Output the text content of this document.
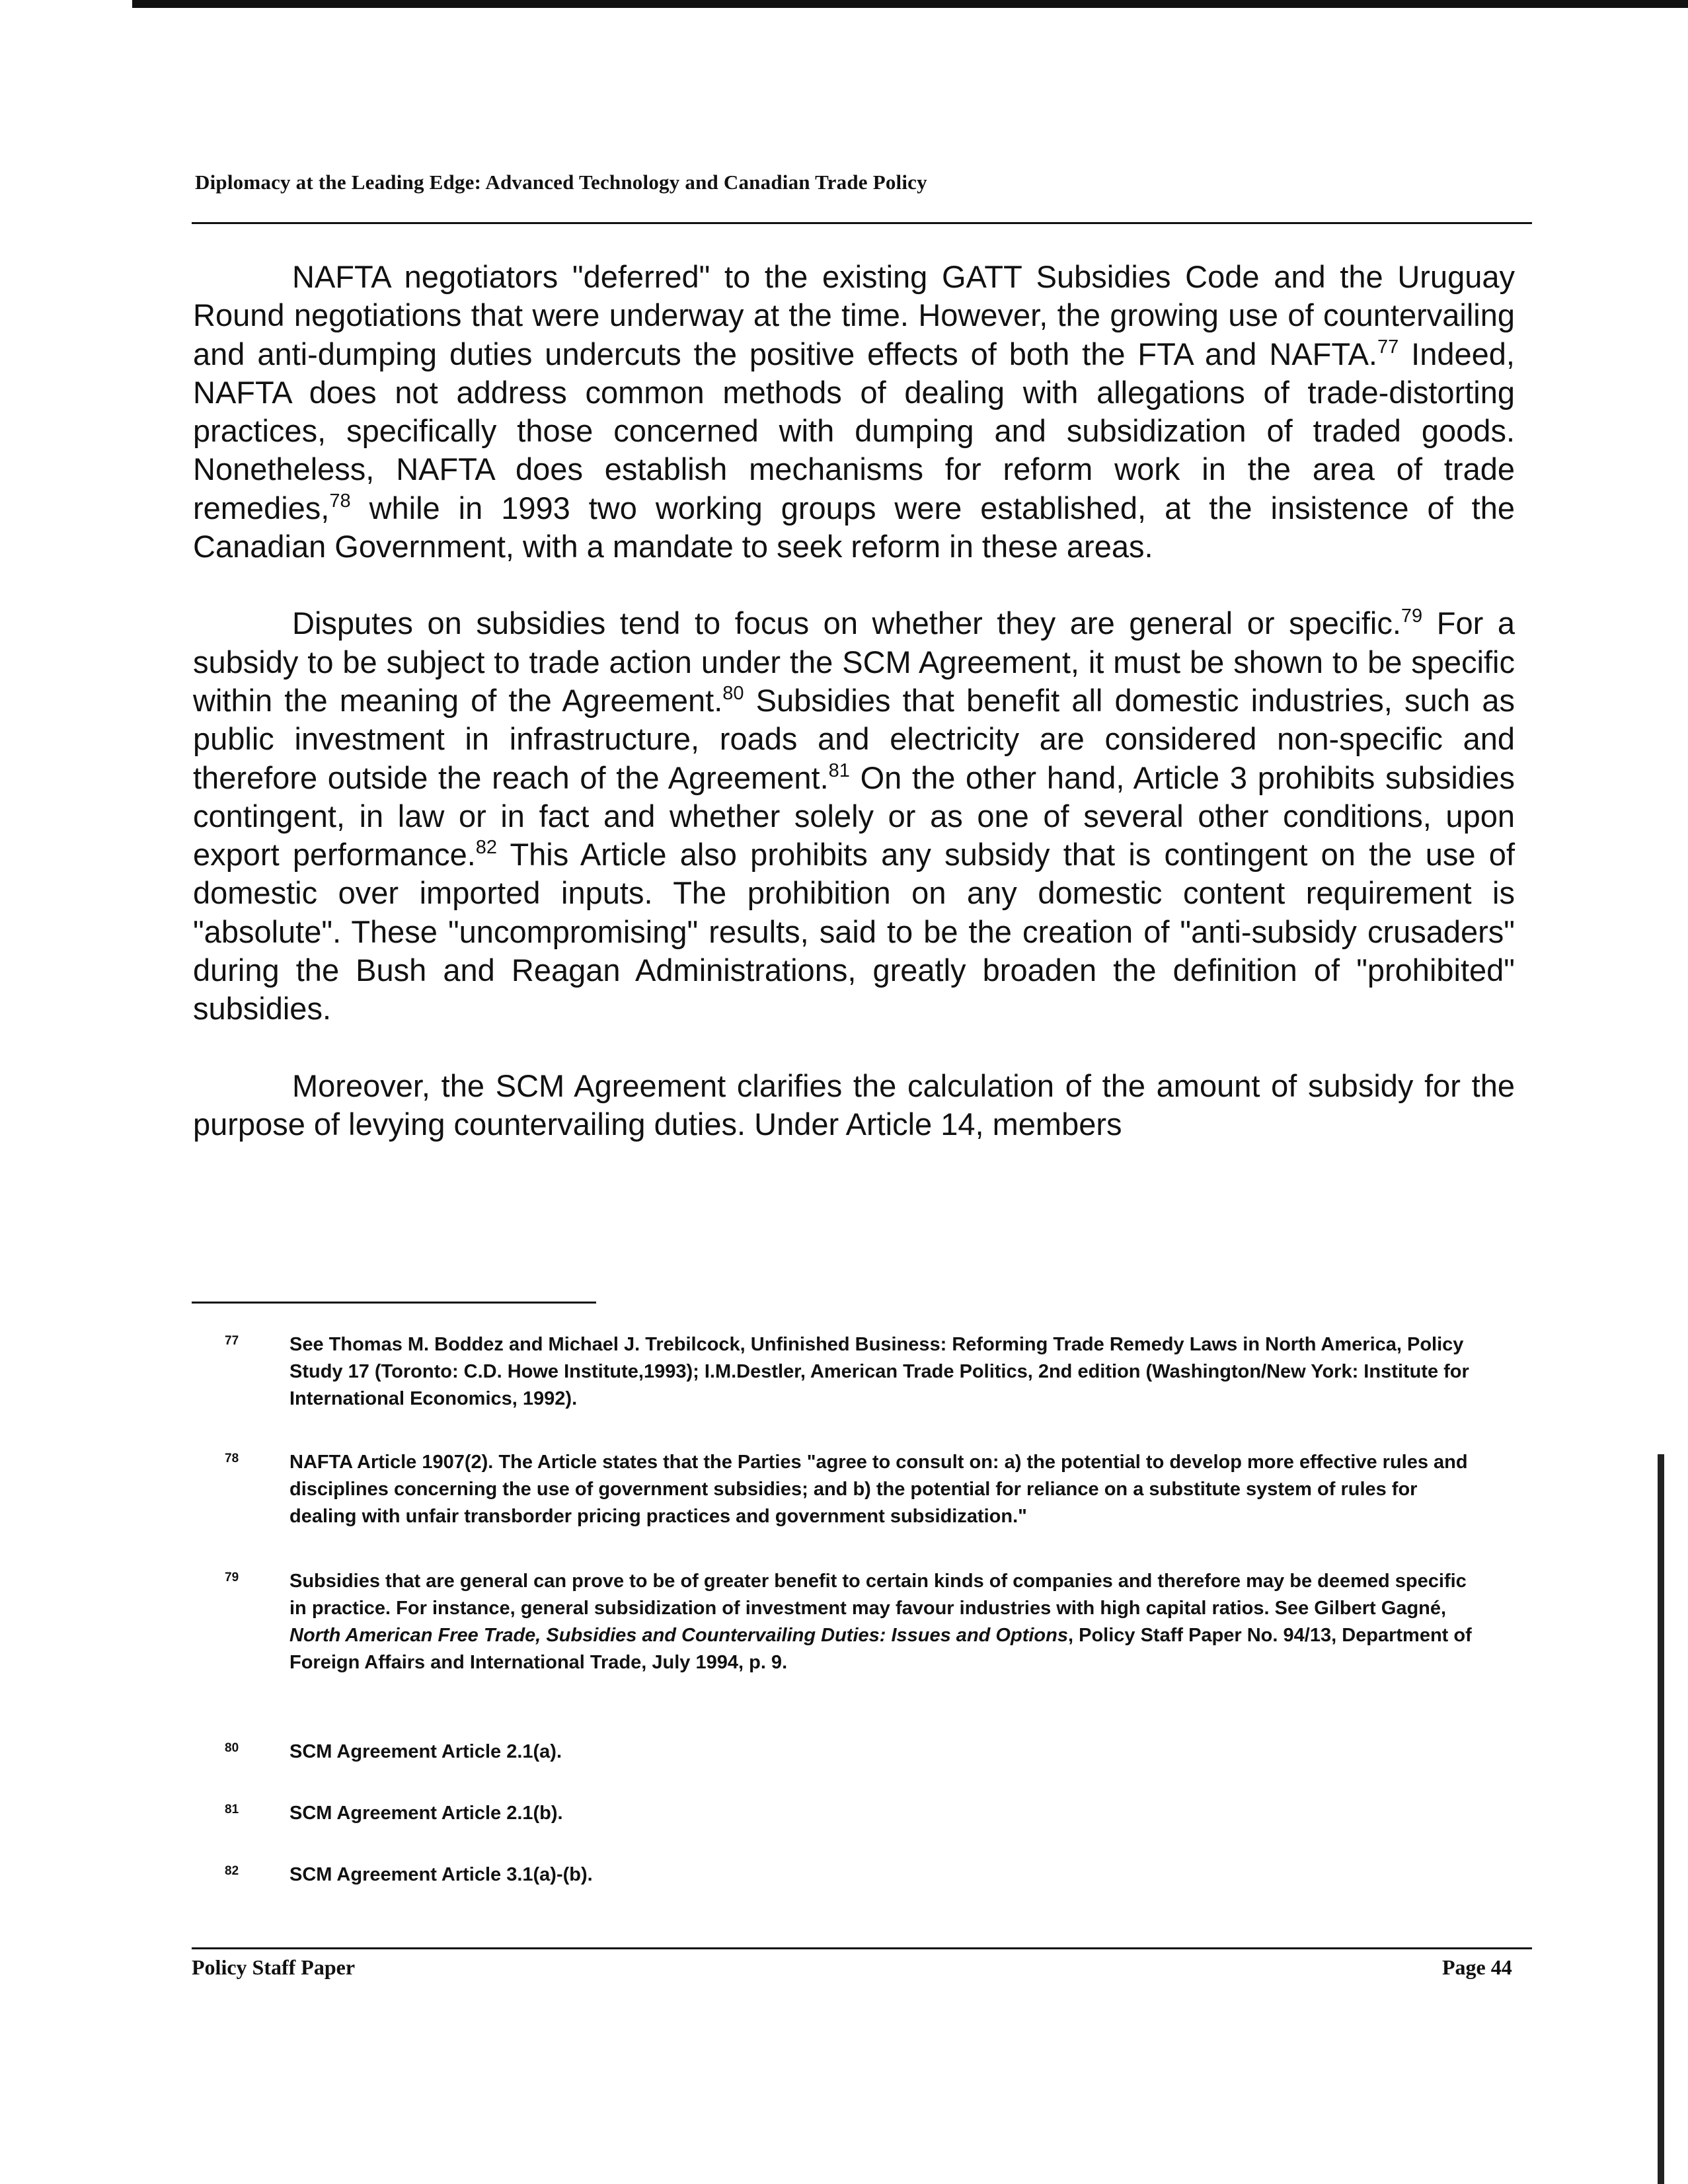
Diplomacy at the Leading Edge: Advanced Technology and Canadian Trade Policy

NAFTA negotiators "deferred" to the existing GATT Subsidies Code and the Uruguay Round negotiations that were underway at the time. However, the growing use of countervailing and anti-dumping duties undercuts the positive effects of both the FTA and NAFTA.$^{77}$ Indeed, NAFTA does not address common methods of dealing with allegations of trade-distorting practices, specifically those concerned with dumping and subsidization of traded goods. Nonetheless, NAFTA does establish mechanisms for reform work in the area of trade remedies,$^{78}$ while in 1993 two working groups were established, at the insistence of the Canadian Government, with a mandate to seek reform in these areas.

Disputes on subsidies tend to focus on whether they are general or specific.$^{79}$ For a subsidy to be subject to trade action under the SCM Agreement, it must be shown to be specific within the meaning of the Agreement.$^{80}$ Subsidies that benefit all domestic industries, such as public investment in infrastructure, roads and electricity are considered non-specific and therefore outside the reach of the Agreement.$^{81}$ On the other hand, Article 3 prohibits subsidies contingent, in law or in fact and whether solely or as one of several other conditions, upon export performance.$^{82}$ This Article also prohibits any subsidy that is contingent on the use of domestic over imported inputs. The prohibition on any domestic content requirement is "absolute". These "uncompromising" results, said to be the creation of "anti-subsidy crusaders" during the Bush and Reagan Administrations, greatly broaden the definition of "prohibited" subsidies.

Moreover, the SCM Agreement clarifies the calculation of the amount of subsidy for the purpose of levying countervailing duties. Under Article 14, members

77	See Thomas M. Boddez and Michael J. Trebilcock, Unfinished Business: Reforming Trade Remedy Laws in North America, Policy Study 17 (Toronto: C.D. Howe Institute,1993); I.M.Destler, American Trade Politics, 2nd edition (Washington/New York: Institute for International Economics, 1992).
78	NAFTA Article 1907(2). The Article states that the Parties "agree to consult on: a) the potential to develop more effective rules and disciplines concerning the use of government subsidies; and b) the potential for reliance on a substitute system of rules for dealing with unfair transborder pricing practices and government subsidization."
79	Subsidies that are general can prove to be of greater benefit to certain kinds of companies and therefore may be deemed specific in practice. For instance, general subsidization of investment may favour industries with high capital ratios. See Gilbert Gagné, North American Free Trade, Subsidies and Countervailing Duties: Issues and Options, Policy Staff Paper No. 94/13, Department of Foreign Affairs and International Trade, July 1994, p. 9.
80	SCM Agreement Article 2.1(a).
81	SCM Agreement Article 2.1(b).
82	SCM Agreement Article 3.1(a)-(b).
Policy Staff Paper	Page 44
